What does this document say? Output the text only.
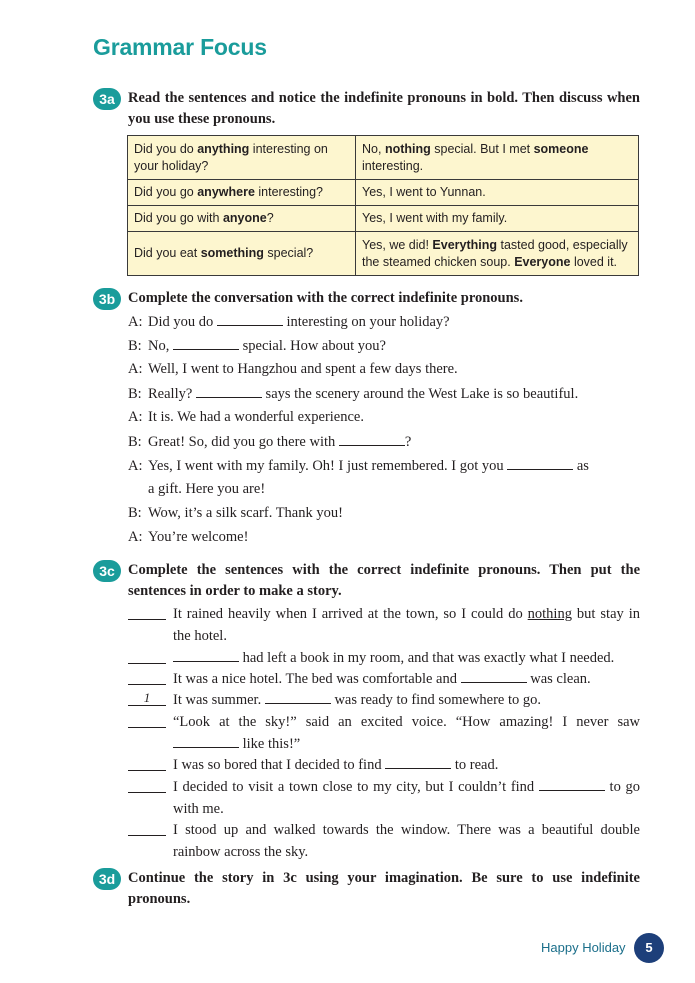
Grammar Focus
3a Read the sentences and notice the indefinite pronouns in bold. Then discuss when you use these pronouns.

Did you do anything interesting on your holiday?	No, nothing special. But I met someone interesting.
Did you go anywhere interesting?	Yes, I went to Yunnan.
Did you go with anyone?	Yes, I went with my family.
Did you eat something special?	Yes, we did! Everything tasted good, especially the steamed chicken soup. Everyone loved it.
3b Complete the conversation with the correct indefinite pronouns.

A: Did you do	interesting on your holiday?
B: No,	special. How about you?
A: Well, I went to Hangzhou and spent a few days there.
B: Really?	says the scenery around the West Lake is so beautiful.
A: It is. We had a wonderful experience.
B: Great! So, did you go there with	?
A: Yes, I went with my family. Oh! I just remembered. I got you	as
a gift. Here you are!
B: Wow, it’s a silk scarf. Thank you!
A: You’re welcome!
3c Complete the sentences with the correct indefinite pronouns. Then put the sentences in order to make a story.

It rained heavily when I arrived at the town, so I could do nothing but stay in the hotel.
had left a book in my room, and that was exactly what I needed.
It was a nice hotel. The bed was comfortable and	was clean.
1	It was summer.	was ready to find somewhere to go.
“Look at the sky!” said an excited voice. “How amazing! I never saw  like this!”
I was so bored that I decided to find	to read.
I decided to visit a town close to my city, but I couldn’t find	to go with me.
I stood up and walked towards the window. There was a beautiful double rainbow across the sky.
3d Continue the story in 3c using your imagination. Be sure to use indefinite pronouns.

Happy Holiday	5
